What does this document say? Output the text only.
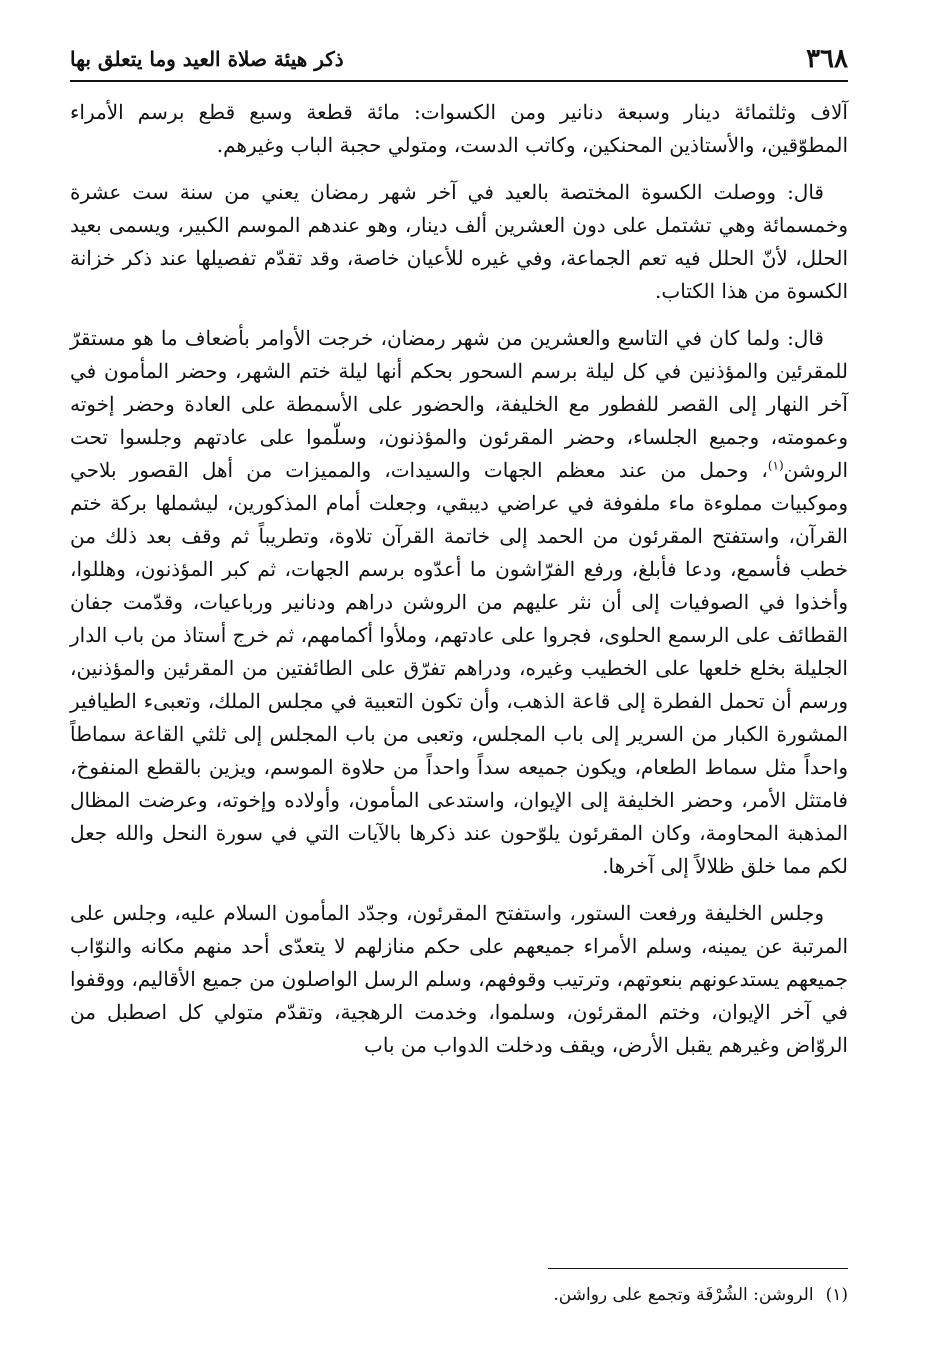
٣٦٨
ذكر هيئة صلاة العيد وما يتعلق بها

آلاف وثلثمائة دينار وسبعة دنانير ومن الكسوات: مائة قطعة وسبع قطع برسم الأمراء المطوّقين، والأستاذين المحنكين، وكاتب الدست، ومتولي حجبة الباب وغيرهم.

قال: ووصلت الكسوة المختصة بالعيد في آخر شهر رمضان يعني من سنة ست عشرة وخمسمائة وهي تشتمل على دون العشرين ألف دينار، وهو عندهم الموسم الكبير، ويسمى بعيد الحلل، لأنّ الحلل فيه تعم الجماعة، وفي غيره للأعيان خاصة، وقد تقدّم تفصيلها عند ذكر خزانة الكسوة من هذا الكتاب.

قال: ولما كان في التاسع والعشرين من شهر رمضان، خرجت الأوامر بأضعاف ما هو مستقرّ للمقرئين والمؤذنين في كل ليلة برسم السحور بحكم أنها ليلة ختم الشهر، وحضر المأمون في آخر النهار إلى القصر للفطور مع الخليفة، والحضور على الأسمطة على العادة وحضر إخوته وعمومته، وجميع الجلساء، وحضر المقرئون والمؤذنون، وسلّموا على عادتهم وجلسوا تحت الروشن$^{(١)}$، وحمل من عند معظم الجهات والسيدات، والمميزات من أهل القصور بلاحي وموكبيات مملوءة ماء ملفوفة في عراضي ديبقي، وجعلت أمام المذكورين، ليشملها بركة ختم القرآن، واستفتح المقرئون من الحمد إلى خاتمة القرآن تلاوة، وتطريباً ثم وقف بعد ذلك من خطب فأسمع، ودعا فأبلغ، ورفع الفرّاشون ما أعدّوه برسم الجهات، ثم كبر المؤذنون، وهللوا، وأخذوا في الصوفيات إلى أن نثر عليهم من الروشن دراهم ودنانير ورباعيات، وقدّمت جفان القطائف على الرسمع الحلوى، فجروا على عادتهم، وملأوا أكمامهم، ثم خرج أستاذ من باب الدار الجليلة بخلع خلعها على الخطيب وغيره، ودراهم تفرّق على الطائفتين من المقرئين والمؤذنين، ورسم أن تحمل الفطرة إلى قاعة الذهب، وأن تكون التعبية في مجلس الملك، وتعبىء الطيافير المشورة الكبار من السرير إلى باب المجلس، وتعبى من باب المجلس إلى ثلثي القاعة سماطاً واحداً مثل سماط الطعام، ويكون جميعه سداً واحداً من حلاوة الموسم، ويزين بالقطع المنفوخ، فامتثل الأمر، وحضر الخليفة إلى الإيوان، واستدعى المأمون، وأولاده وإخوته، وعرضت المظال المذهبة المحاومة، وكان المقرئون يلوّحون عند ذكرها بالآيات التي في سورة النحل والله جعل لكم مما خلق ظلالاً إلى آخرها.

وجلس الخليفة ورفعت الستور، واستفتح المقرئون، وجدّد المأمون السلام عليه، وجلس على المرتبة عن يمينه، وسلم الأمراء جميعهم على حكم منازلهم لا يتعدّى أحد منهم مكانه والنوّاب جميعهم يستدعونهم بنعوتهم، وترتيب وقوفهم، وسلم الرسل الواصلون من جميع الأقاليم، ووقفوا في آخر الإيوان، وختم المقرئون، وسلموا، وخدمت الرهجية، وتقدّم متولي كل اصطبل من الروّاض وغيرهم يقبل الأرض، ويقف ودخلت الدواب من باب

(١)الروشن: الشُرْفَة وتجمع على رواشن.
